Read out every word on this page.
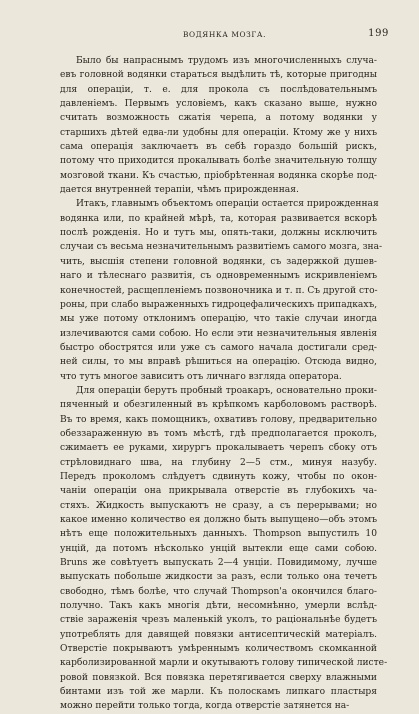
ВОДЯНКА МОЗГА.	199
Было бы напраснымъ трудомъ изъ многочисленныхъ случа-
евъ головной водянки стараться выдѣлить тѣ, которые пригодны
для операціи, т. е. для прокола съ послѣдовательнымъ
давленіемъ. Первымъ условіемъ, какъ сказано выше, нужно
считать возможность сжатія черепа, а потому водянки у
старшихъ дѣтей едва-ли удобны для операціи. Ктому же у нихъ
сама операція заключаетъ въ себѣ гораздо большій рискъ,
потому что приходится прокалывать болѣе значительную толщу
мозговой ткани. Къ счастью, пріобрѣтенная водянка скорѣе под-
дается внутренней терапіи, чѣмъ прирожденная.
Итакъ, главнымъ объектомъ операціи остается прирожденная
водянка или, по крайней мѣрѣ, та, которая развивается вскорѣ
послѣ рожденія. Но и тутъ мы, опять-таки, должны исключить
случаи съ весьма незначительнымъ развитіемъ самого мозга, зна-
чить, высшія степени головной водянки, съ задержкой душев-
наго и тѣлеснаго развитія, съ одновременнымъ искривленіемъ
конечностей, расщепленіемъ позвоночника и т. п. Съ другой сто-
роны, при слабо выраженныхъ гидроцефалическихъ припадкахъ,
мы уже потому отклонимъ операцію, что такіе случаи иногда
излечиваются сами собою. Но если эти незначительныя явленія
быстро обострятся или уже съ самого начала достигали сред-
ней силы, то мы вправѣ рѣшиться на операцію. Отсюда видно,
что тутъ многое зависитъ отъ личнаго взгляда оператора.
Для операціи берутъ пробный троакаръ, основательно проки-
пяченный и обезгиленный въ крѣпкомъ карболовомъ растворѣ.
Въ то время, какъ помощникъ, охвативъ голову, предварительно
обеззараженную въ томъ мѣстѣ, гдѣ предполагается проколъ,
сжимаетъ ее руками, хирургъ прокалываетъ черепъ сбоку отъ
стрѣловиднаго шва, на глубину 2—5 стм., минуя назубу.
Передъ проколомъ слѣдуетъ сдвинуть кожу, чтобы по окон-
чаніи операціи она прикрывала отверстіе въ глубокихъ ча-
стяхъ. Жидкость выпускаютъ не сразу, а съ перерывами; но
какое именно количество ея должно быть выпущено—объ этомъ
нѣтъ еще положительныхъ данныхъ. Thompson выпустилъ 10
унцій, да потомъ нѣсколько унцій вытекли еще сами собою.
Bruns же совѣтуетъ выпускать 2—4 унціи. Повидимому, лучше
выпускать побольше жидкости за разъ, если только она течетъ
свободно, тѣмъ болѣе, что случай Thompson'а окончился благо-
получно. Такъ какъ многія дѣти, несомнѣнно, умерли вслѣд-
ствіе зараженія чрезъ маленькій уколъ, то раціональнѣе будетъ
употреблять для давящей повязки антисептическій матеріалъ.
Отверстіе покрываютъ умѣреннымъ количествомъ скомканной
карболизированной марли и окутываютъ голову типической листе-
ровой повязкой. Вся повязка перетягивается сверху влажными
бинтами изъ той же марли. Къ полоскамъ липкаго пластыря
можно перейти только тогда, когда отверстіе затянется на-
